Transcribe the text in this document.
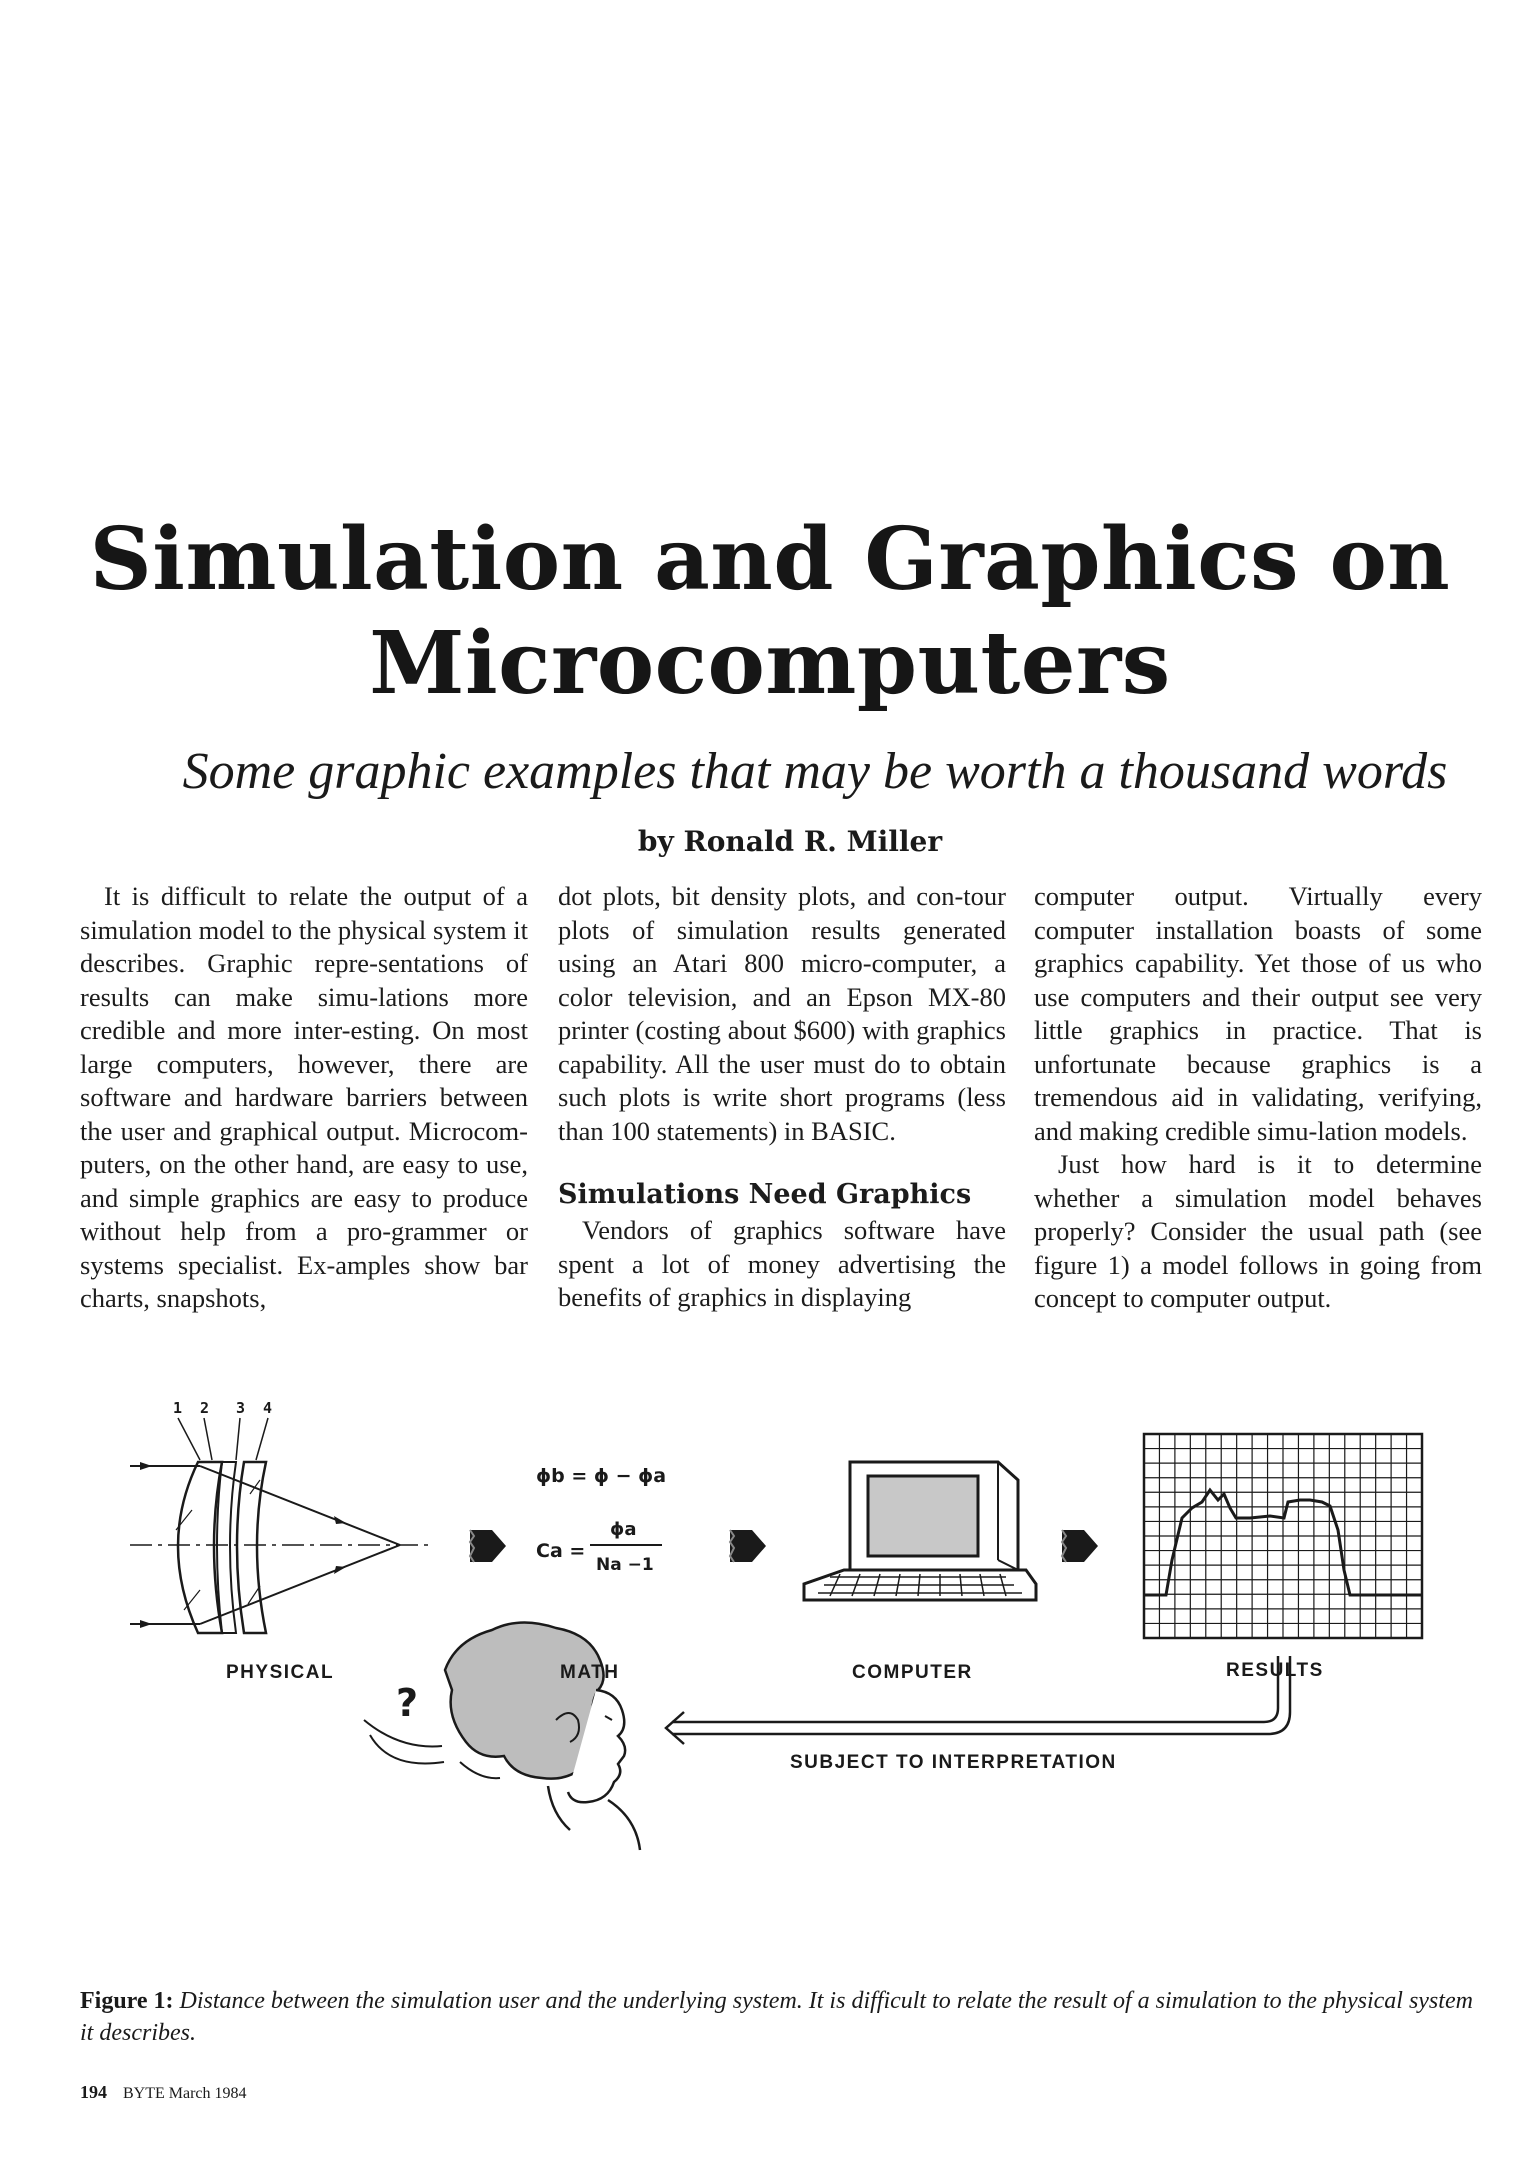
Simulation and Graphics on
Microcomputers
Some graphic examples that may be worth a thousand words
by Ronald R. Miller

It is difficult to relate the output of a simulation model to the physical system it describes. Graphic repre-sentations of results can make simu-lations more credible and more inter-esting. On most large computers, however, there are software and hardware barriers between the user and graphical output. Microcom-puters, on the other hand, are easy to use, and simple graphics are easy to produce without help from a pro-grammer or systems specialist. Ex-amples show bar charts, snapshots,

dot plots, bit density plots, and con-tour plots of simulation results generated using an Atari 800 micro-computer, a color television, and an Epson MX-80 printer (costing about $600) with graphics capability. All the user must do to obtain such plots is write short programs (less than 100 statements) in BASIC.

Simulations Need Graphics

Vendors of graphics software have spent a lot of money advertising the benefits of graphics in displaying

computer output. Virtually every computer installation boasts of some graphics capability. Yet those of us who use computers and their output see very little graphics in practice. That is unfortunate because graphics is a tremendous aid in validating, verifying, and making credible simu-lation models.

Just how hard is it to determine whether a simulation model behaves properly? Consider the usual path (see figure 1) a model follows in going from concept to computer output.

1 2 3 4
ϕb = ϕ − ϕa
Ca =
ϕa
Na −1
?
PHYSICAL	MATH	COMPUTER	RESULTS
SUBJECT TO INTERPRETATION
Figure 1: Distance between the simulation user and the underlying system. It is difficult to relate the result of a simulation to the physical system it describes.
194 BYTE March 1984
